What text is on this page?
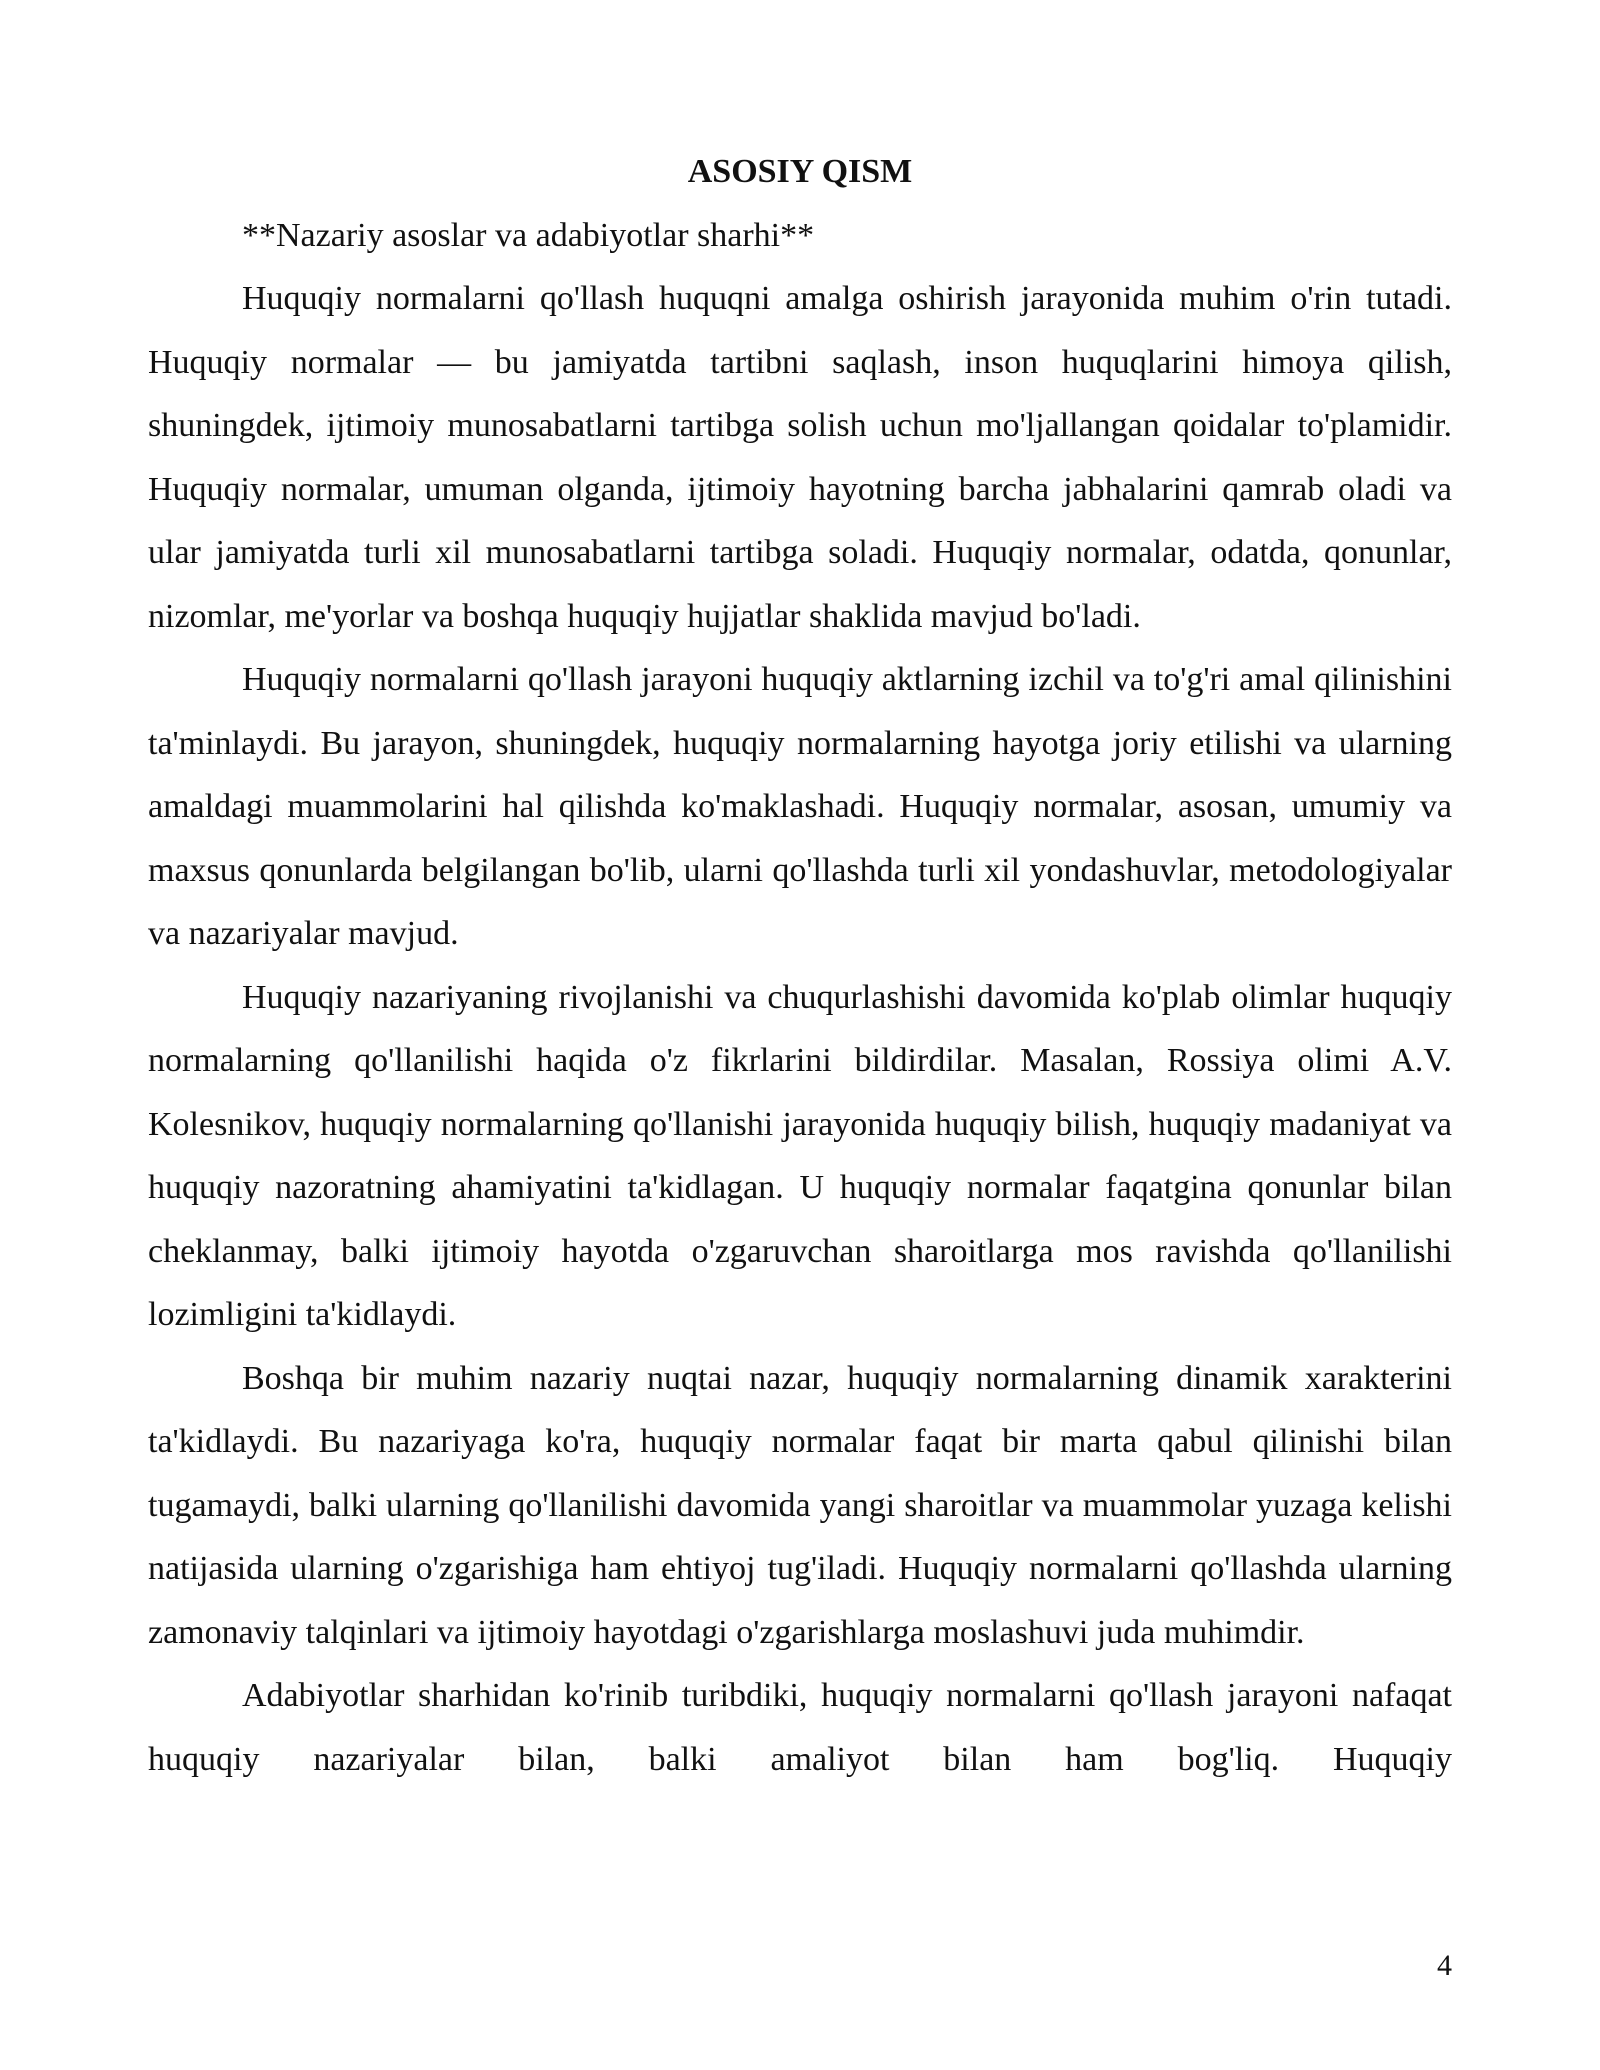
ASOSIY QISM

**Nazariy asoslar va adabiyotlar sharhi**

Huquqiy normalarni qo'llash huquqni amalga oshirish jarayonida muhim o'rin tutadi. Huquqiy normalar — bu jamiyatda tartibni saqlash, inson huquqlarini himoya qilish, shuningdek, ijtimoiy munosabatlarni tartibga solish uchun mo'ljallangan qoidalar to'plamidir. Huquqiy normalar, umuman olganda, ijtimoiy hayotning barcha jabhalarini qamrab oladi va ular jamiyatda turli xil munosabatlarni tartibga soladi. Huquqiy normalar, odatda, qonunlar, nizomlar, me'yorlar va boshqa huquqiy hujjatlar shaklida mavjud bo'ladi.

Huquqiy normalarni qo'llash jarayoni huquqiy aktlarning izchil va to'g'ri amal qilinishini ta'minlaydi. Bu jarayon, shuningdek, huquqiy normalarning hayotga joriy etilishi va ularning amaldagi muammolarini hal qilishda ko'maklashadi. Huquqiy normalar, asosan, umumiy va maxsus qonunlarda belgilangan bo'lib, ularni qo'llashda turli xil yondashuvlar, metodologiyalar va nazariyalar mavjud.

Huquqiy nazariyaning rivojlanishi va chuqurlashishi davomida ko'plab olimlar huquqiy normalarning qo'llanilishi haqida o'z fikrlarini bildirdilar. Masalan, Rossiya olimi A.V. Kolesnikov, huquqiy normalarning qo'llanishi jarayonida huquqiy bilish, huquqiy madaniyat va huquqiy nazoratning ahamiyatini ta'kidlagan. U huquqiy normalar faqatgina qonunlar bilan cheklanmay, balki ijtimoiy hayotda o'zgaruvchan sharoitlarga mos ravishda qo'llanilishi lozimligini ta'kidlaydi.

Boshqa bir muhim nazariy nuqtai nazar, huquqiy normalarning dinamik xarakterini ta'kidlaydi. Bu nazariyaga ko'ra, huquqiy normalar faqat bir marta qabul qilinishi bilan tugamaydi, balki ularning qo'llanilishi davomida yangi sharoitlar va muammolar yuzaga kelishi natijasida ularning o'zgarishiga ham ehtiyoj tug'iladi. Huquqiy normalarni qo'llashda ularning zamonaviy talqinlari va ijtimoiy hayotdagi o'zgarishlarga moslashuvi juda muhimdir.

Adabiyotlar sharhidan ko'rinib turibdiki, huquqiy normalarni qo'llash jarayoni nafaqat huquqiy nazariyalar bilan, balki amaliyot bilan ham bog'liq. Huquqiy

4
